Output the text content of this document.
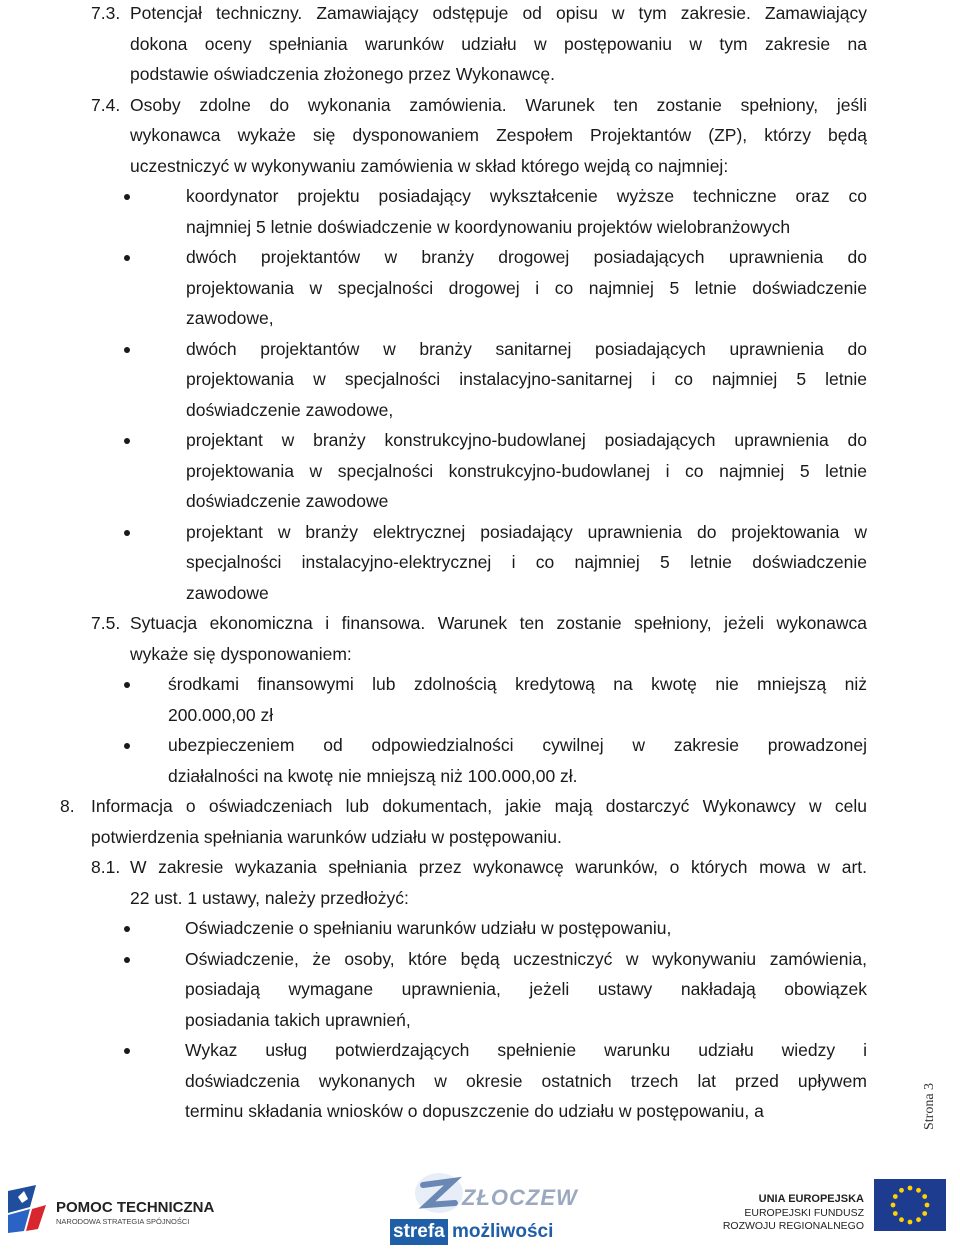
7.3. Potencjał techniczny. Zamawiający odstępuje od opisu w tym zakresie. Zamawiający
dokona oceny spełniania warunków udziału w postępowaniu w tym zakresie na
podstawie oświadczenia złożonego przez Wykonawcę.
7.4. Osoby zdolne do wykonania zamówienia. Warunek ten zostanie spełniony, jeśli
wykonawca wykaże się dysponowaniem Zespołem Projektantów (ZP), którzy będą
uczestniczyć w wykonywaniu zamówienia w skład którego wejdą co najmniej:
koordynator projektu posiadający wykształcenie wyższe techniczne oraz co
najmniej 5 letnie doświadczenie w koordynowaniu projektów wielobranżowych
dwóch projektantów w branży drogowej posiadających uprawnienia do
projektowania w specjalności drogowej i co najmniej 5 letnie doświadczenie
zawodowe,
dwóch projektantów w branży sanitarnej posiadających uprawnienia do
projektowania w specjalności instalacyjno-sanitarnej i co najmniej 5 letnie
doświadczenie zawodowe,
projektant w branży konstrukcyjno-budowlanej posiadających uprawnienia do
projektowania w specjalności konstrukcyjno-budowlanej i co najmniej 5 letnie
doświadczenie zawodowe
projektant w branży elektrycznej posiadający uprawnienia do projektowania w
specjalności instalacyjno-elektrycznej i co najmniej 5 letnie doświadczenie
zawodowe
7.5. Sytuacja ekonomiczna i finansowa. Warunek ten zostanie spełniony, jeżeli wykonawca
wykaże się dysponowaniem:
środkami finansowymi lub zdolnością kredytową na kwotę nie mniejszą niż
200.000,00 zł
ubezpieczeniem od odpowiedzialności cywilnej w zakresie prowadzonej
działalności na kwotę nie mniejszą niż 100.000,00 zł.
8. Informacja o oświadczeniach lub dokumentach, jakie mają dostarczyć Wykonawcy w celu
potwierdzenia spełniania warunków udziału w postępowaniu.
8.1. W zakresie wykazania spełniania przez wykonawcę warunków, o których mowa w art.
22 ust. 1 ustawy, należy przedłożyć:
Oświadczenie o spełnianiu warunków udziału w postępowaniu,
Oświadczenie, że osoby, które będą uczestniczyć w wykonywaniu zamówienia,
posiadają wymagane uprawnienia, jeżeli ustawy nakładają obowiązek
posiadania takich uprawnień,
Wykaz usług potwierdzających spełnienie warunku udziału wiedzy i
doświadczenia wykonanych w okresie ostatnich trzech lat przed upływem
terminu składania wniosków o dopuszczenie do udziału w postępowaniu, a	Strona 3
POMOC TECHNICZNA
NARODOWA STRATEGIA SPÓJNOŚCI
ZŁOCZEW
strefa możliwości
UNIA EUROPEJSKA
EUROPEJSKI FUNDUSZ
ROZWOJU REGIONALNEGO
